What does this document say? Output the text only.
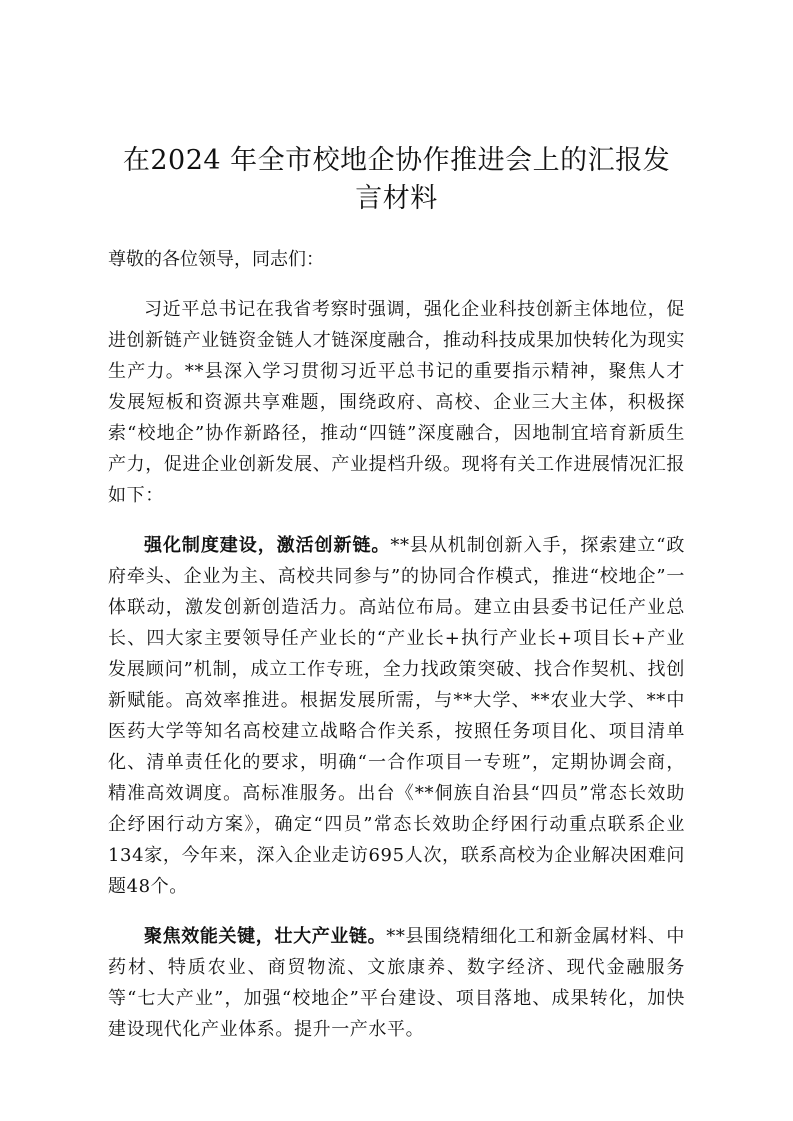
在2024 年全市校地企协作推进会上的汇报发言材料

尊敬的各位领导，同志们：

习近平总书记在我省考察时强调，强化企业科技创新主体地位，促进创新链产业链资金链人才链深度融合，推动科技成果加快转化为现实生产力。**县深入学习贯彻习近平总书记的重要指示精神，聚焦人才发展短板和资源共享难题，围绕政府、高校、企业三大主体，积极探索“校地企”协作新路径，推动“四链”深度融合，因地制宜培育新质生产力，促进企业创新发展、产业提档升级。现将有关工作进展情况汇报如下：

强化制度建设，激活创新链。**县从机制创新入手，探索建立“政府牵头、企业为主、高校共同参与”的协同合作模式，推进“校地企”一体联动，激发创新创造活力。高站位布局。建立由县委书记任产业总长、四大家主要领导任产业长的“产业长+执行产业长+项目长+产业发展顾问”机制，成立工作专班，全力找政策突破、找合作契机、找创新赋能。高效率推进。根据发展所需，与**大学、**农业大学、**中医药大学等知名高校建立战略合作关系，按照任务项目化、项目清单化、清单责任化的要求，明确“一合作项目一专班”，定期协调会商，精准高效调度。高标准服务。出台《**侗族自治县“四员”常态长效助企纾困行动方案》，确定“四员”常态长效助企纾困行动重点联系企业134家，今年来，深入企业走访695人次，联系高校为企业解决困难问题48个。

聚焦效能关键，壮大产业链。**县围绕精细化工和新金属材料、中药材、特质农业、商贸物流、文旅康养、数字经济、现代金融服务等“七大产业”，加强“校地企”平台建设、项目落地、成果转化，加快建设现代化产业体系。提升一产水平。
